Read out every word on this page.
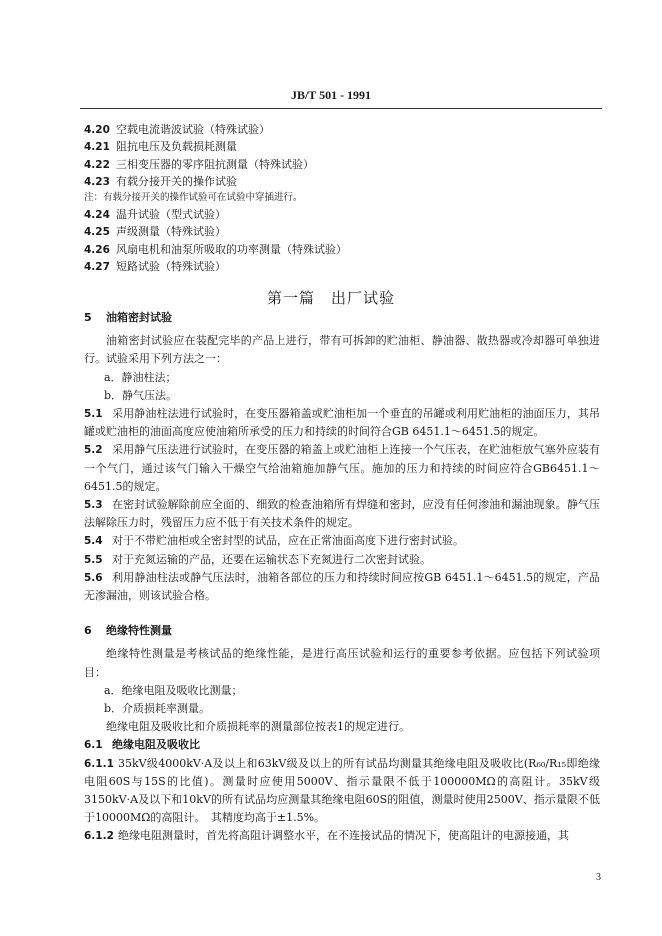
JB/T 501 - 1991
4.20 空载电流谐波试验（特殊试验）
4.21 阻抗电压及负载损耗测量
4.22 三相变压器的零序阻抗测量（特殊试验）
4.23 有载分接开关的操作试验
注：有载分接开关的操作试验可在试验中穿插进行。
4.24 温升试验（型式试验）
4.25 声级测量（特殊试验）
4.26 风扇电机和油泵所吸取的功率测量（特殊试验）
4.27 短路试验（特殊试验）
第一篇　出厂试验

5 油箱密封试验

油箱密封试验应在装配完毕的产品上进行，带有可拆卸的贮油柜、静油器、散热器或冷却器可单独进行。试验采用下列方法之一：

a．静油柱法；

b．静气压法。

5.1 采用静油柱法进行试验时，在变压器箱盖或贮油柜加一个垂直的吊罐或利用贮油柜的油面压力，其吊罐或贮油柜的油面高度应使油箱所承受的压力和持续的时间符合GB 6451.1～6451.5的规定。

5.2 采用静气压法进行试验时，在变压器的箱盖上或贮油柜上连接一个气压表，在贮油柜放气塞外应装有一个气门，通过该气门输入干燥空气给油箱施加静气压。施加的压力和持续的时间应符合GB6451.1～6451.5的规定。

5.3 在密封试验解除前应全面的、细致的检查油箱所有焊缝和密封，应没有任何渗油和漏油现象。静气压法解除压力时，残留压力应不低于有关技术条件的规定。

5.4 对于不带贮油柜或全密封型的试品，应在正常油面高度下进行密封试验。

5.5 对于充氮运输的产品，还要在运输状态下充氮进行二次密封试验。

5.6 利用静油柱法或静气压法时，油箱各部位的压力和持续时间应按GB 6451.1～6451.5的规定，产品无渗漏油，则该试验合格。

6 绝缘特性测量

绝缘特性测量是考核试品的绝缘性能，是进行高压试验和运行的重要参考依据。应包括下列试验项目：

a．绝缘电阻及吸收比测量；

b．介质损耗率测量。

绝缘电阻及吸收比和介质损耗率的测量部位按表1的规定进行。

6.1 绝缘电阻及吸收比

6.1.1 35kV级4000kV·A及以上和63kV级及以上的所有试品均测量其绝缘电阻及吸收比(R₆₀/R₁₅即绝缘电阻60S与15S的比值)。测量时应使用5000V、指示量限不低于100000MΩ的高阻计。35kV级3150kV·A及以下和10kV的所有试品均应测量其绝缘电阻60S的阻值，测量时使用2500V、指示量限不低于10000MΩ的高阻计。　其精度均高于±1.5%。

6.1.2 绝缘电阻测量时，首先将高阻计调整水平，在不连接试品的情况下，使高阻计的电源接通，其

3
